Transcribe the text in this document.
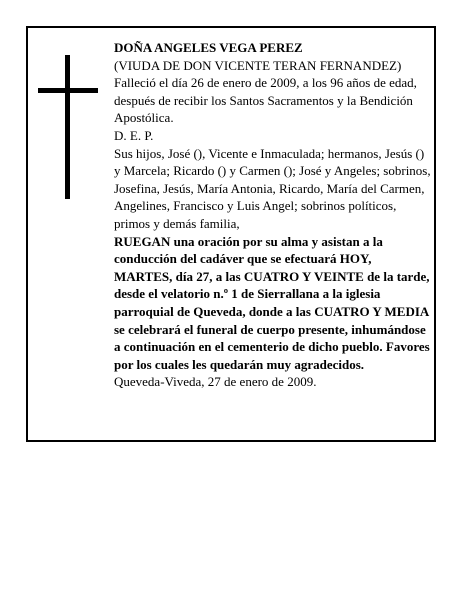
DOÑA ANGELES VEGA PEREZ

(VIUDA DE DON VICENTE TERAN FERNANDEZ)

Falleció el día 26 de enero de 2009, a los 96 años de edad, después de recibir los Santos Sacramentos y la Bendición Apostólica.

D. E. P.

Sus hijos, José (), Vicente e Inmaculada; hermanos, Jesús () y Marcela; Ricardo () y Carmen (); José y Angeles; sobrinos, Josefina, Jesús, María Antonia, Ricardo, María del Carmen, Angelines, Francisco y Luis Angel; sobrinos políticos, primos y demás familia,

RUEGAN una oración por su alma y asistan a la conducción del cadáver que se efectuará HOY, MARTES, día 27, a las CUATRO Y VEINTE de la tarde, desde el velatorio n.º 1 de Sierrallana a la iglesia parroquial de Queveda, donde a las CUATRO Y MEDIA se celebrará el funeral de cuerpo presente, inhumándose a continuación en el cementerio de dicho pueblo. Favores por los cuales les quedarán muy agradecidos.

Queveda-Viveda, 27 de enero de 2009.
